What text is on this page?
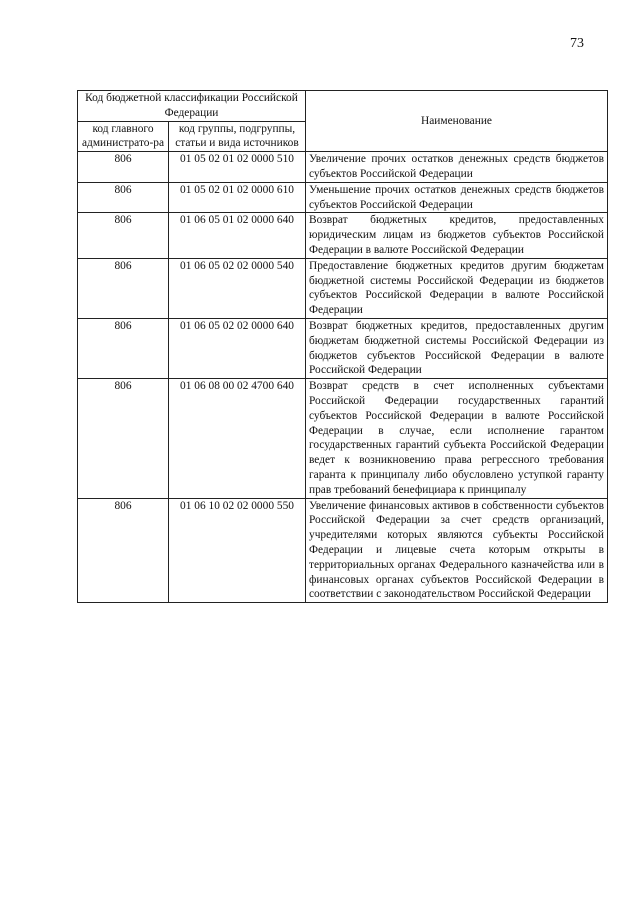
73
Код бюджетной классификации Российской Федерации		Наименование
код главного администрато-ра	код группы, подгруппы, статьи и вида источников	
806	01 05 02 01 02 0000 510	Увеличение прочих остатков денежных средств бюджетов субъектов Российской Федерации
806	01 05 02 01 02 0000 610	Уменьшение прочих остатков денежных средств бюджетов субъектов Российской Федерации
806	01 06 05 01 02 0000 640	Возврат бюджетных кредитов, предоставленных юридическим лицам из бюджетов субъектов Российской Федерации в валюте Российской Федерации
806	01 06 05 02 02 0000 540	Предоставление бюджетных кредитов другим бюджетам бюджетной системы Российской Федерации из бюджетов субъектов Российской Федерации в валюте Российской Федерации
806	01 06 05 02 02 0000 640	Возврат бюджетных кредитов, предоставленных другим бюджетам бюджетной системы Российской Федерации из бюджетов субъектов Российской Федерации в валюте Российской Федерации
806	01 06 08 00 02 4700 640	Возврат средств в счет исполненных субъектами Российской Федерации государственных гарантий субъектов Российской Федерации в валюте Российской Федерации в случае, если исполнение гарантом государственных гарантий субъекта Российской Федерации ведет к возникновению права регрессного требования гаранта к принципалу либо обусловлено уступкой гаранту прав требований бенефициара к принципалу
806	01 06 10 02 02 0000 550	Увеличение финансовых активов в собственности субъектов Российской Федерации за счет средств организаций, учредителями которых являются субъекты Российской Федерации и лицевые счета которым открыты в территориальных органах Федерального казначейства или в финансовых органах субъектов Российской Федерации в соответствии с законодательством Российской Федерации
